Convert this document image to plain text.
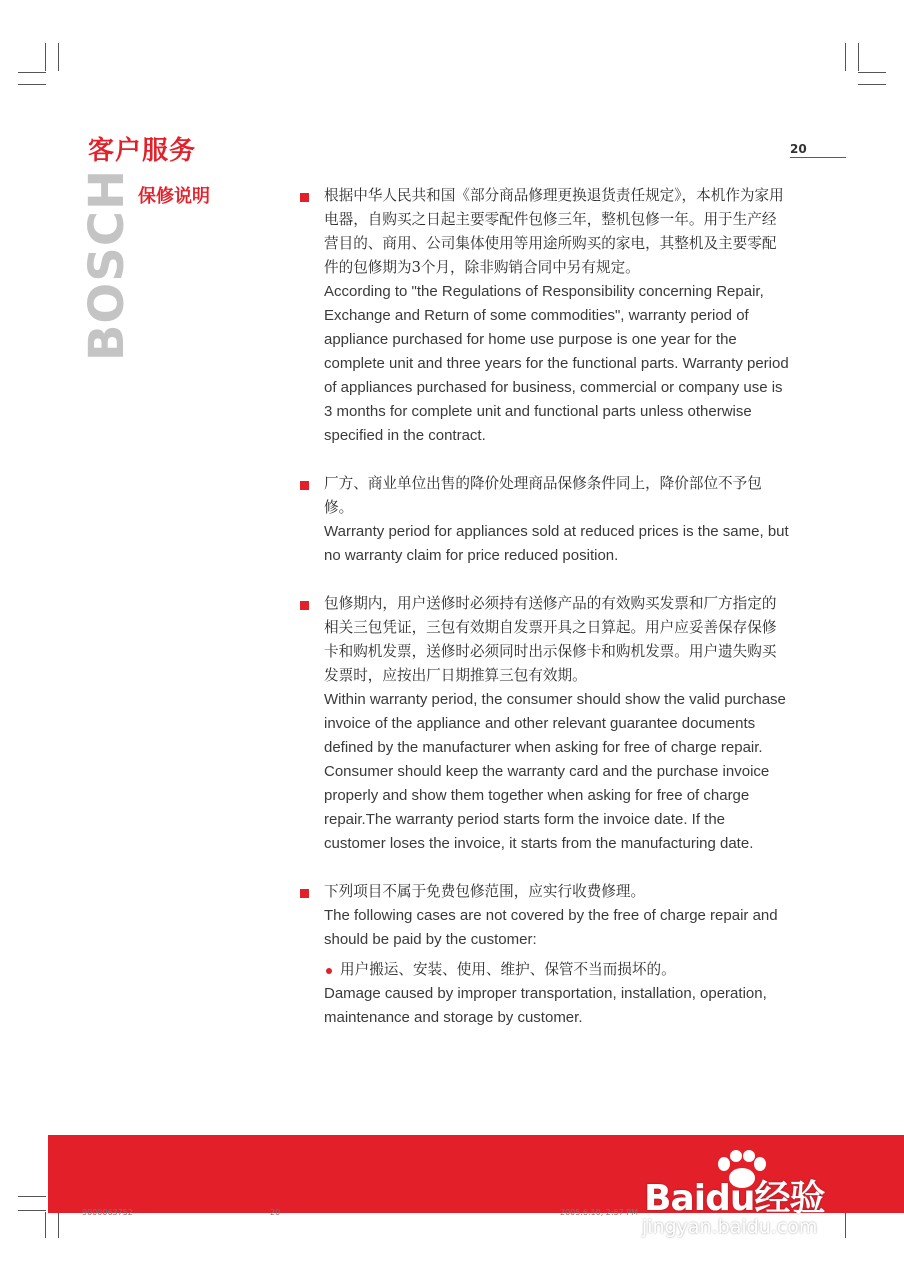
客户服务	20
BOSCH 保修说明	根据中华人民共和国《部分商品修理更换退货责任规定》，本机作为家用电器，自购买之日起主要零配件包修三年，整机包修一年。用于生产经营目的、商用、公司集体使用等用途所购买的家电，其整机及主要零配件的包修期为3个月，除非购销合同中另有规定。
According to "the Regulations of Responsibility concerning Repair, Exchange and Return of some commodities", warranty period of appliance purchased for home use purpose is one year for the complete unit and three years for the functional parts. Warranty period of appliances purchased for business, commercial or company use is 3 months for complete unit and functional parts unless otherwise specified in the contract.
厂方、商业单位出售的降价处理商品保修条件同上，降价部位不予包修。
Warranty period for appliances sold at reduced prices is the same, but no warranty claim for price reduced position.
包修期内，用户送修时必须持有送修产品的有效购买发票和厂方指定的相关三包凭证，三包有效期自发票开具之日算起。用户应妥善保存保修卡和购机发票，送修时必须同时出示保修卡和购机发票。用户遗失购买发票时，应按出厂日期推算三包有效期。
Within warranty period, the consumer should show the valid purchase invoice of the appliance and other relevant guarantee documents defined by the manufacturer when asking for free of charge repair. Consumer should keep the warranty card and the purchase invoice properly and show them together when asking for free of charge repair.The warranty period starts form the invoice date. If the customer loses the invoice, it starts from the manufacturing date.
下列项目不属于免费包修范围，应实行收费修理。
The following cases are not covered by the free of charge repair and should be paid by the customer:
用户搬运、安装、使用、维护、保管不当而损坏的。
Damage caused by improper transportation, installation, operation, maintenance and storage by customer.
9000063752	20	2005.6.10, 2:57 PM Baidu经验
jingyan.baidu.com
